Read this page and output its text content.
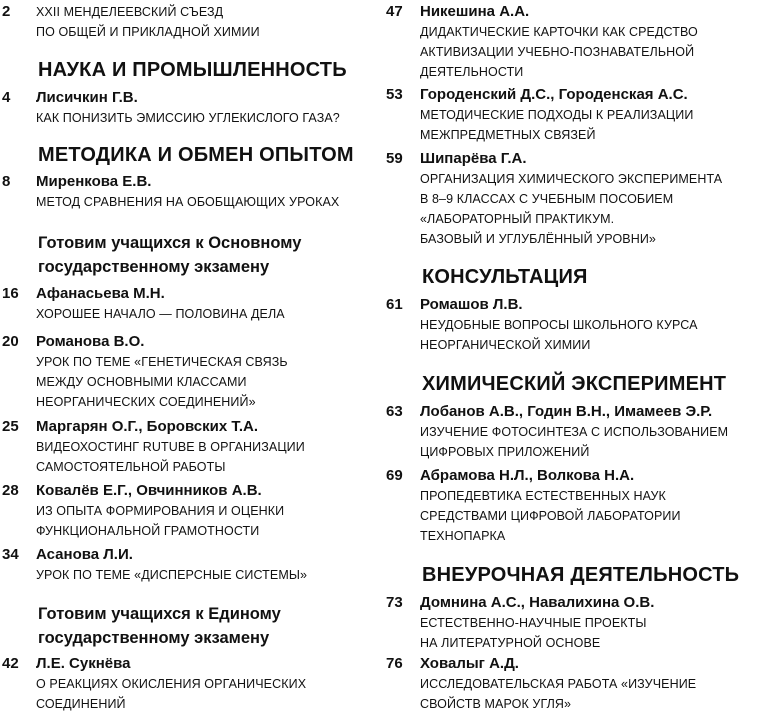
2	XXII МЕНДЕЛЕЕВСКИЙ СЪЕЗД
ПО ОБЩЕЙ И ПРИКЛАДНОЙ ХИМИИ
НАУКА И ПРОМЫШЛЕННОСТЬ
4	Лисичкин Г.В.
КАК ПОНИЗИТЬ ЭМИССИЮ УГЛЕКИСЛОГО ГАЗА?
МЕТОДИКА И ОБМЕН ОПЫТОМ
8	Миренкова Е.В.
МЕТОД СРАВНЕНИЯ НА ОБОБЩАЮЩИХ УРОКАХ
Готовим учащихся к Основному
государственному экзамену
16	Афанасьева М.Н.
ХОРОШЕЕ НАЧАЛО — ПОЛОВИНА ДЕЛА
20	Романова В.О.
УРОК ПО ТЕМЕ «ГЕНЕТИЧЕСКАЯ СВЯЗЬ
МЕЖДУ ОСНОВНЫМИ КЛАССАМИ
НЕОРГАНИЧЕСКИХ СОЕДИНЕНИЙ»
25	Маргарян О.Г., Боровских Т.А.
ВИДЕОХОСТИНГ RUTUBE В ОРГАНИЗАЦИИ
САМОСТОЯТЕЛЬНОЙ РАБОТЫ
28	Ковалёв Е.Г., Овчинников А.В.
ИЗ ОПЫТА ФОРМИРОВАНИЯ И ОЦЕНКИ
ФУНКЦИОНАЛЬНОЙ ГРАМОТНОСТИ
34	Асанова Л.И.
УРОК ПО ТЕМЕ «ДИСПЕРСНЫЕ СИСТЕМЫ»
Готовим учащихся к Единому
государственному экзамену
42	Л.Е. Сукнёва
О РЕАКЦИЯХ ОКИСЛЕНИЯ ОРГАНИЧЕСКИХ
СОЕДИНЕНИЙ
47	Никешина А.А.
ДИДАКТИЧЕСКИЕ КАРТОЧКИ КАК СРЕДСТВО
АКТИВИЗАЦИИ УЧЕБНО-ПОЗНАВАТЕЛЬНОЙ
ДЕЯТЕЛЬНОСТИ
53	Городенский Д.С., Городенская А.С.
МЕТОДИЧЕСКИЕ ПОДХОДЫ К РЕАЛИЗАЦИИ
МЕЖПРЕДМЕТНЫХ СВЯЗЕЙ
59	Шипарёва Г.А.
ОРГАНИЗАЦИЯ ХИМИЧЕСКОГО ЭКСПЕРИМЕНТА
В 8–9 КЛАССАХ С УЧЕБНЫМ ПОСОБИЕМ
«ЛАБОРАТОРНЫЙ ПРАКТИКУМ.
БАЗОВЫЙ И УГЛУБЛЁННЫЙ УРОВНИ»
КОНСУЛЬТАЦИЯ
61	Ромашов Л.В.
НЕУДОБНЫЕ ВОПРОСЫ ШКОЛЬНОГО КУРСА
НЕОРГАНИЧЕСКОЙ ХИМИИ
ХИМИЧЕСКИЙ ЭКСПЕРИМЕНТ
63	Лобанов А.В., Годин В.Н., Имамеев Э.Р.
ИЗУЧЕНИЕ ФОТОСИНТЕЗА С ИСПОЛЬЗОВАНИЕМ
ЦИФРОВЫХ ПРИЛОЖЕНИЙ
69	Абрамова Н.Л., Волкова Н.А.
ПРОПЕДЕВТИКА ЕСТЕСТВЕННЫХ НАУК
СРЕДСТВАМИ ЦИФРОВОЙ ЛАБОРАТОРИИ
ТЕХНОПАРКА
ВНЕУРОЧНАЯ ДЕЯТЕЛЬНОСТЬ
73	Домнина А.С., Навалихина О.В.
ЕСТЕСТВЕННО-НАУЧНЫЕ ПРОЕКТЫ
НА ЛИТЕРАТУРНОЙ ОСНОВЕ
76	Ховалыг А.Д.
ИССЛЕДОВАТЕЛЬСКАЯ РАБОТА «ИЗУЧЕНИЕ
СВОЙСТВ МАРОК УГЛЯ»
